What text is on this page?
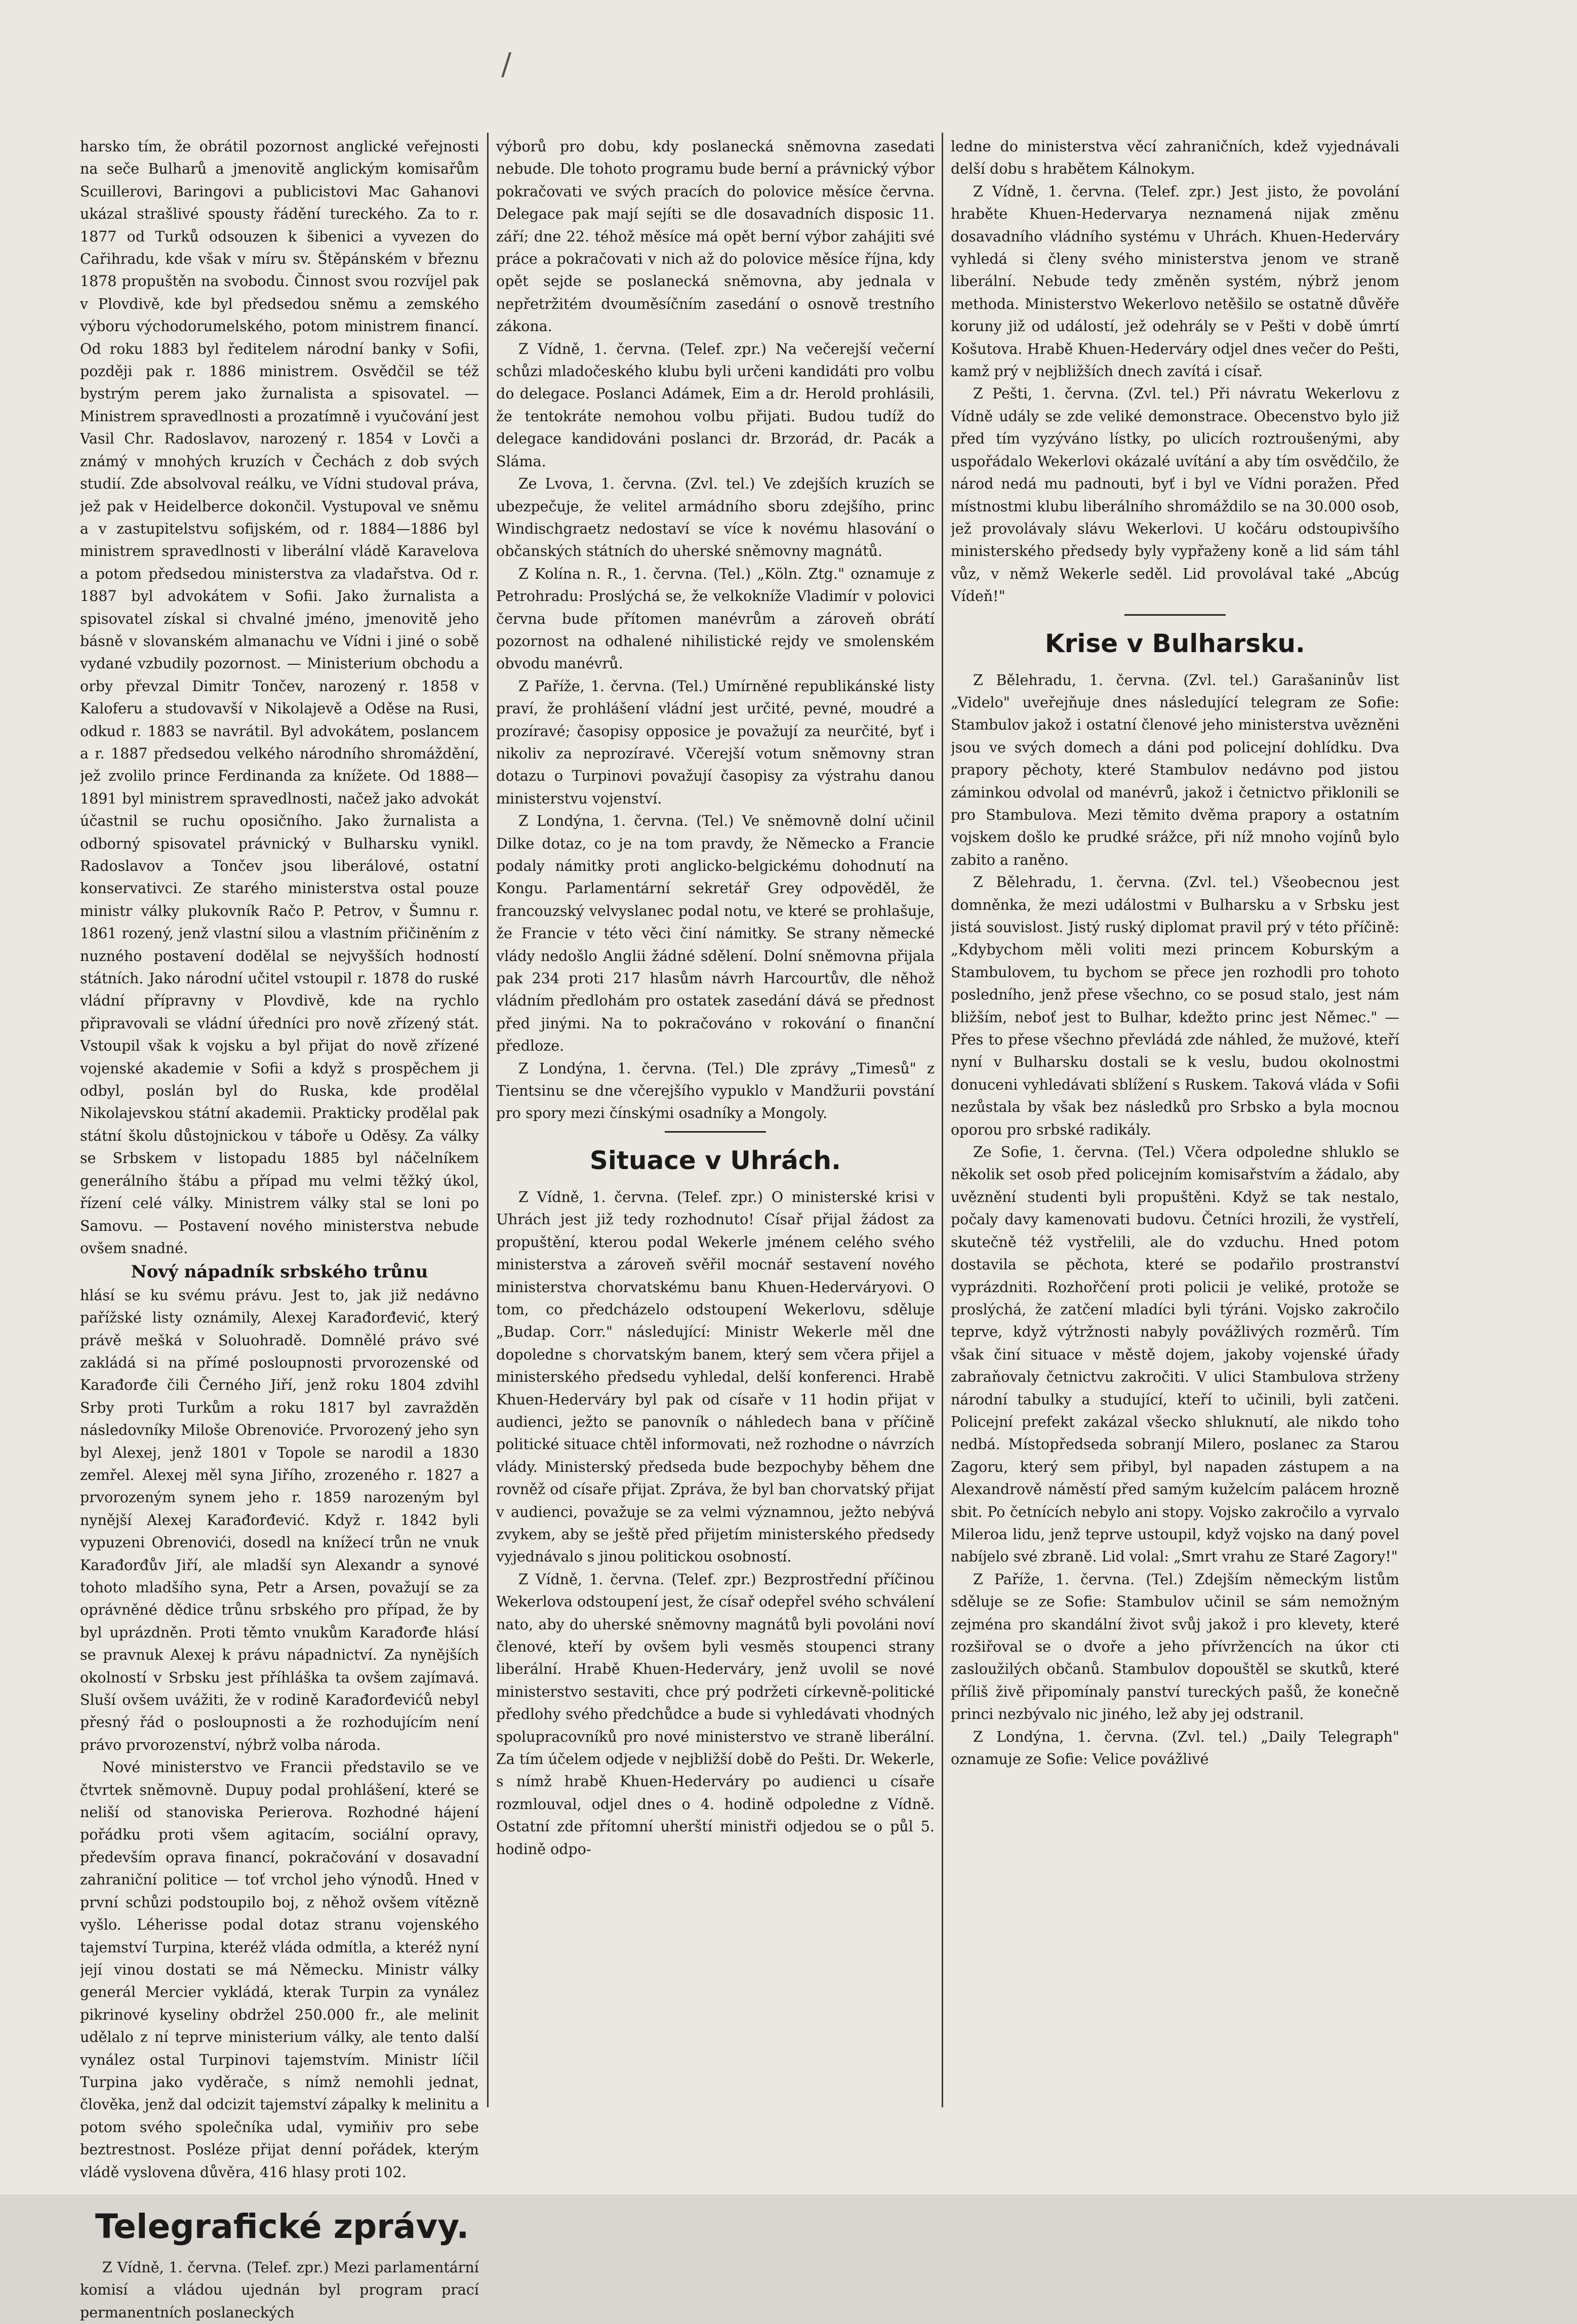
/

harsko tím, že obrátil pozornost anglické veřejnosti na seče Bulharů a jmenovitě anglickým komisařům Scuillerovi, Baringovi a publicistovi Mac Gahanovi ukázal strašlivé spousty řádění tureckého. Za to r. 1877 od Turků odsouzen k šibenici a vyvezen do Cařihradu, kde však v míru sv. Štěpánském v březnu 1878 propuštěn na svobodu. Činnost svou rozvíjel pak v Plovdivě, kde byl předsedou sněmu a zemského výboru východorumelského, potom ministrem financí. Od roku 1883 byl ředitelem národní banky v Sofii, později pak r. 1886 ministrem. Osvědčil se též bystrým perem jako žurnalista a spisovatel. — Ministrem spravedlnosti a prozatímně i vyučování jest Vasil Chr. Radoslavov, narozený r. 1854 v Lovči a známý v mnohých kruzích v Čechách z dob svých studií. Zde absolvoval reálku, ve Vídni studoval práva, jež pak v Heidelberce dokončil. Vystupoval ve sněmu a v zastupitelstvu sofijském, od r. 1884—1886 byl ministrem spravedlnosti v liberální vládě Karavelova a potom předsedou ministerstva za vladařstva. Od r. 1887 byl advokátem v Sofii. Jako žurnalista a spisovatel získal si chvalné jméno, jmenovitě jeho básně v slovanském almanachu ve Vídni i jiné o sobě vydané vzbudily pozornost. — Ministerium obchodu a orby převzal Dimitr Tončev, narozený r. 1858 v Kaloferu a studovavší v Nikolajevě a Oděse na Rusi, odkud r. 1883 se navrátil. Byl advokátem, poslancem a r. 1887 předsedou velkého národního shromáždění, jež zvolilo prince Ferdinanda za knížete. Od 1888—1891 byl ministrem spravedlnosti, načež jako advokát účastnil se ruchu oposičního. Jako žurnalista a odborný spisovatel právnický v Bulharsku vynikl. Radoslavov a Tončev jsou liberálové, ostatní konservativci. Ze starého ministerstva ostal pouze ministr války plukovník Račo P. Petrov, v Šumnu r. 1861 rozený, jenž vlastní silou a vlastním přičiněním z nuzného postavení dodělal se nejvyšších hodností státních. Jako národní učitel vstoupil r. 1878 do ruské vládní přípravny v Plovdivě, kde na rychlo připravovali se vládní úředníci pro nově zřízený stát. Vstoupil však k vojsku a byl přijat do nově zřízené vojenské akademie v Sofii a když s prospěchem ji odbyl, poslán byl do Ruska, kde prodělal Nikolajevskou státní akademii. Prakticky prodělal pak státní školu důstojnickou v táboře u Oděsy. Za války se Srbskem v listopadu 1885 byl náčelníkem generálního štábu a případ mu velmi těžký úkol, řízení celé války. Ministrem války stal se loni po Samovu. — Postavení nového ministerstva nebude ovšem snadné.

Nový nápadník srbského trůnu

hlásí se ku svému právu. Jest to, jak již nedávno pařížské listy oznámily, Alexej Karađorđević, který právě mešká v Soluohradě. Domnělé právo své zakládá si na přímé posloupnosti prvorozenské od Karađorđe čili Černého Jiří, jenž roku 1804 zdvihl Srby proti Turkům a roku 1817 byl zavražděn následovníky Miloše Obrenoviće. Prvorozený jeho syn byl Alexej, jenž 1801 v Topole se narodil a 1830 zemřel. Alexej měl syna Jiřího, zrozeného r. 1827 a prvorozeným synem jeho r. 1859 narozeným byl nynější Alexej Karađorđević. Když r. 1842 byli vypuzeni Obrenovići, dosedl na knížecí trůn ne vnuk Karađorđův Jiří, ale mladší syn Alexandr a synové tohoto mladšího syna, Petr a Arsen, považují se za oprávněné dědice trůnu srbského pro případ, že by byl uprázdněn. Proti těmto vnukům Karađorđe hlásí se pravnuk Alexej k právu nápadnictví. Za nynějších okolností v Srbsku jest příhláška ta ovšem zajímavá. Sluší ovšem uvážiti, že v rodině Karađorđevićů nebyl přesný řád o posloupnosti a že rozhodujícím není právo prvorozenství, nýbrž volba národa.

Nové ministerstvo ve Francii představilo se ve čtvrtek sněmovně. Dupuy podal prohlášení, které se neliší od stanoviska Perierova. Rozhodné hájení pořádku proti všem agitacím, sociální opravy, především oprava financí, pokračování v dosavadní zahraniční politice — toť vrchol jeho výnodů. Hned v první schůzi podstoupilo boj, z něhož ovšem vítězně vyšlo. Léherisse podal dotaz stranu vojenského tajemství Turpina, kteréž vláda odmítla, a kteréž nyní její vinou dostati se má Německu. Ministr války generál Mercier vykládá, kterak Turpin za vynález pikrinové kyseliny obdržel 250.000 fr., ale melinit udělalo z ní teprve ministerium války, ale tento další vynález ostal Turpinovi tajemstvím. Ministr líčil Turpina jako vyděrače, s nímž nemohli jednat, člověka, jenž dal odcizit tajemství zápalky k melinitu a potom svého společníka udal, vymiňiv pro sebe beztrestnost. Posléze přijat denní pořádek, kterým vládě vyslovena důvěra, 416 hlasy proti 102.

Telegrafické zprávy.

Z Vídně, 1. června. (Telef. zpr.) Mezi parlamentární komisí a vládou ujednán byl program prací permanentních poslaneckých

výborů pro dobu, kdy poslanecká sněmovna zasedati nebude. Dle tohoto programu bude berní a právnický výbor pokračovati ve svých pracích do polovice měsíce června. Delegace pak mají sejíti se dle dosavadních disposic 11. září; dne 22. téhož měsíce má opět berní výbor zahájiti své práce a pokračovati v nich až do polovice měsíce října, kdy opět sejde se poslanecká sněmovna, aby jednala v nepřetržitém dvouměsíčním zasedání o osnově trestního zákona.

Z Vídně, 1. června. (Telef. zpr.) Na večerejší večerní schůzi mladočeského klubu byli určeni kandidáti pro volbu do delegace. Poslanci Adámek, Eim a dr. Herold prohlásili, že tentokráte nemohou volbu přijati. Budou tudíž do delegace kandidováni poslanci dr. Brzorád, dr. Pacák a Sláma.

Ze Lvova, 1. června. (Zvl. tel.) Ve zdejších kruzích se ubezpečuje, že velitel armádního sboru zdejšího, princ Windischgraetz nedostaví se více k novému hlasování o občanských státních do uherské sněmovny magnátů.

Z Kolína n. R., 1. června. (Tel.) „Köln. Ztg." oznamuje z Petrohradu: Proslýchá se, že velkokníže Vladimír v polovici června bude přítomen manévrům a zároveň obrátí pozornost na odhalené nihilistické rejdy ve smolenském obvodu manévrů.

Z Paříže, 1. června. (Tel.) Umírněné republikánské listy praví, že prohlášení vládní jest určité, pevné, moudré a prozíravé; časopisy opposice je považují za neurčité, byť i nikoliv za neprozíravé. Včerejší votum sněmovny stran dotazu o Turpinovi považují časopisy za výstrahu danou ministerstvu vojenství.

Z Londýna, 1. června. (Tel.) Ve sněmovně dolní učinil Dilke dotaz, co je na tom pravdy, že Německo a Francie podaly námitky proti anglicko-belgickému dohodnutí na Kongu. Parlamentární sekretář Grey odpověděl, že francouzský velvyslanec podal notu, ve které se prohlašuje, že Francie v této věci činí námitky. Se strany německé vlády nedošlo Anglii žádné sdělení. Dolní sněmovna přijala pak 234 proti 217 hlasům návrh Harcourtův, dle něhož vládním předlohám pro ostatek zasedání dává se přednost před jinými. Na to pokračováno v rokování o finanční předloze.

Z Londýna, 1. června. (Tel.) Dle zprávy „Timesů" z Tientsinu se dne včerejšího vypuklo v Mandžurii povstání pro spory mezi čínskými osadníky a Mongoly.

Situace v Uhrách.

Z Vídně, 1. června. (Telef. zpr.) O ministerské krisi v Uhrách jest již tedy rozhodnuto! Císař přijal žádost za propuštění, kterou podal Wekerle jménem celého svého ministerstva a zároveň svěřil mocnář sestavení nového ministerstva chorvatskému banu Khuen-Hederváryovi. O tom, co předcházelo odstoupení Wekerlovu, sděluje „Budap. Corr." následující: Ministr Wekerle měl dne dopoledne s chorvatským banem, který sem včera přijel a ministerského předsedu vyhledal, delší konferenci. Hrabě Khuen-Hederváry byl pak od císaře v 11 hodin přijat v audienci, ježto se panovník o náhledech bana v příčině politické situace chtěl informovati, než rozhodne o návrzích vlády. Ministerský předseda bude bezpochyby během dne rovněž od císaře přijat. Zpráva, že byl ban chorvatský přijat v audienci, považuje se za velmi významnou, ježto nebývá zvykem, aby se ještě před přijetím ministerského předsedy vyjednávalo s jinou politickou osobností.

Z Vídně, 1. června. (Telef. zpr.) Bezprostřední příčinou Wekerlova odstoupení jest, že císař odepřel svého schválení nato, aby do uherské sněmovny magnátů byli povoláni noví členové, kteří by ovšem byli vesměs stoupenci strany liberální. Hrabě Khuen-Hederváry, jenž uvolil se nové ministerstvo sestaviti, chce prý podržeti církevně-politické předlohy svého předchůdce a bude si vyhledávati vhodných spolupracovníků pro nové ministerstvo ve straně liberální. Za tím účelem odjede v nejbližší době do Pešti. Dr. Wekerle, s nímž hrabě Khuen-Hederváry po audienci u císaře rozmlouval, odjel dnes o 4. hodině odpoledne z Vídně. Ostatní zde přítomní uherští ministři odjedou se o půl 5. hodině odpo-

ledne do ministerstva věcí zahraničních, kdež vyjednávali delší dobu s hrabětem Kálnokym.

Z Vídně, 1. června. (Telef. zpr.) Jest jisto, že povolání hraběte Khuen-Hedervarya neznamená nijak změnu dosavadního vládního systému v Uhrách. Khuen-Hederváry vyhledá si členy svého ministerstva jenom ve straně liberální. Nebude tedy změněn systém, nýbrž jenom methoda. Ministerstvo Wekerlovo netěšilo se ostatně důvěře koruny již od událostí, jež odehrály se v Pešti v době úmrtí Košutova. Hrabě Khuen-Hederváry odjel dnes večer do Pešti, kamž prý v nejbližších dnech zavítá i císař.

Z Pešti, 1. června. (Zvl. tel.) Při návratu Wekerlovu z Vídně udály se zde veliké demonstrace. Obecenstvo bylo již před tím vyzýváno lístky, po ulicích roztroušenými, aby uspořádalo Wekerlovi okázalé uvítání a aby tím osvědčilo, že národ nedá mu padnouti, byť i byl ve Vídni poražen. Před místnostmi klubu liberálního shromáždilo se na 30.000 osob, jež provolávaly slávu Wekerlovi. U kočáru odstoupivšího ministerského předsedy byly vypřaženy koně a lid sám táhl vůz, v němž Wekerle seděl. Lid provolával také „Abcúg Vídeň!"

Krise v Bulharsku.

Z Bělehradu, 1. června. (Zvl. tel.) Garašaninův list „Videlo" uveřejňuje dnes následující telegram ze Sofie: Stambulov jakož i ostatní členové jeho ministerstva uvězněni jsou ve svých domech a dáni pod policejní dohlídku. Dva prapory pěchoty, které Stambulov nedávno pod jistou záminkou odvolal od manévrů, jakož i četnictvo přiklonili se pro Stambulova. Mezi těmito dvěma prapory a ostatním vojskem došlo ke prudké srážce, při níž mnoho vojínů bylo zabito a raněno.

Z Bělehradu, 1. června. (Zvl. tel.) Všeobecnou jest domněnka, že mezi událostmi v Bulharsku a v Srbsku jest jistá souvislost. Jistý ruský diplomat pravil prý v této příčině: „Kdybychom měli voliti mezi princem Koburským a Stambulovem, tu bychom se přece jen rozhodli pro tohoto posledního, jenž přese všechno, co se posud stalo, jest nám bližším, neboť jest to Bulhar, kdežto princ jest Němec." — Přes to přese všechno převládá zde náhled, že mužové, kteří nyní v Bulharsku dostali se k veslu, budou okolnostmi donuceni vyhledávati sblížení s Ruskem. Taková vláda v Sofii nezůstala by však bez následků pro Srbsko a byla mocnou oporou pro srbské radikály.

Ze Sofie, 1. června. (Tel.) Včera odpoledne shluklo se několik set osob před policejním komisařstvím a žádalo, aby uvěznění studenti byli propuštěni. Když se tak nestalo, počaly davy kamenovati budovu. Četníci hrozili, že vystřelí, skutečně též vystřelili, ale do vzduchu. Hned potom dostavila se pěchota, které se podařilo prostranství vyprázdniti. Rozhořčení proti policii je veliké, protože se proslýchá, že zatčení mladíci byli týráni. Vojsko zakročilo teprve, když výtržnosti nabyly povážlivých rozměrů. Tím však činí situace v městě dojem, jakoby vojenské úřady zabraňovaly četnictvu zakročiti. V ulici Stambulova strženy národní tabulky a studující, kteří to učinili, byli zatčeni. Policejní prefekt zakázal všecko shluknutí, ale nikdo toho nedbá. Místopředseda sobranjí Milero, poslanec za Starou Zagoru, který sem přibyl, byl napaden zástupem a na Alexandrově náměstí před samým kuželcím palácem hrozně sbit. Po četnících nebylo ani stopy. Vojsko zakročilo a vyrvalo Mileroa lidu, jenž teprve ustoupil, když vojsko na daný povel nabíjelo své zbraně. Lid volal: „Smrt vrahu ze Staré Zagory!"

Z Paříže, 1. června. (Tel.) Zdejším německým listům sděluje se ze Sofie: Stambulov učinil se sám nemožným zejména pro skandální život svůj jakož i pro klevety, které rozšiřoval se o dvoře a jeho přívržencích na úkor cti zasloužilých občanů. Stambulov dopouštěl se skutků, které příliš živě připomínaly panství tureckých pašů, že konečně princi nezbývalo nic jiného, lež aby jej odstranil.

Z Londýna, 1. června. (Zvl. tel.) „Daily Telegraph" oznamuje ze Sofie: Velice povážlivé
